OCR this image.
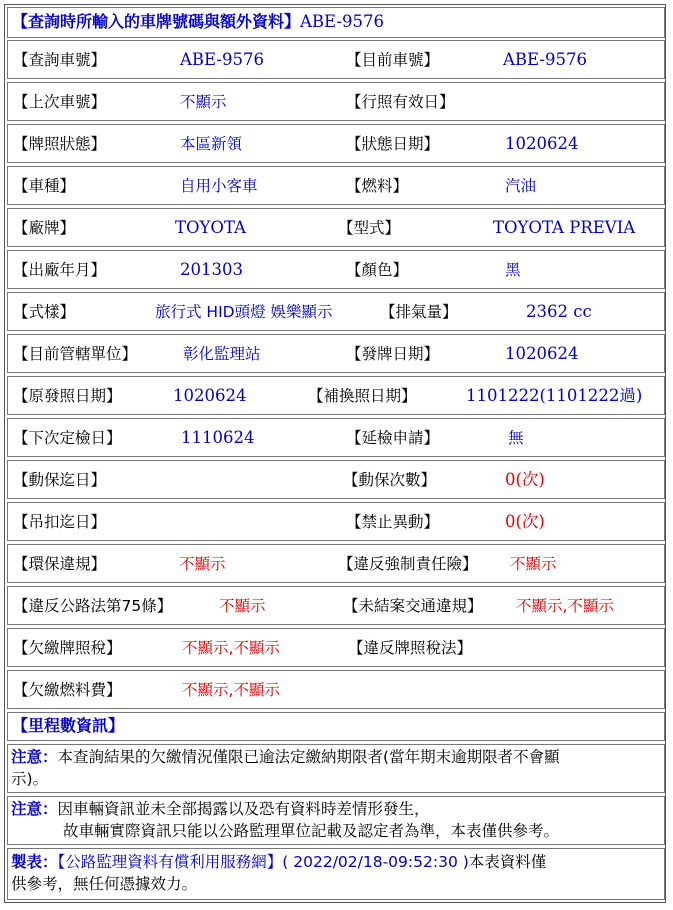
【查詢時所輸入的車牌號碼與額外資料】ABE-9576
【查詢車號】	ABE-9576	【目前車號】	ABE-9576
【上次車號】	不顯示	【行照有效日】
【牌照狀態】	本區新領	【狀態日期】	1020624
【車種】	自用小客車	【燃料】	汽油
【廠牌】	TOYOTA	【型式】	TOYOTA PREVIA
【出廠年月】	201303	【顏色】	黑
【式樣】	旅行式 HID頭燈 娛樂顯示	【排氣量】	2362 cc
【目前管轄單位】	彰化監理站	【發牌日期】	1020624
【原發照日期】	1020624	【補換照日期】	1101222(1101222過)
【下次定檢日】	1110624	【延檢申請】	無
【動保迄日】	【動保次數】	0(次)
【吊扣迄日】	【禁止異動】	0(次)
【環保違規】	不顯示	【違反強制責任險】 不顯示
【違反公路法第75條】	不顯示	【未結案交通違規】 不顯示,不顯示
【欠繳牌照稅】	不顯示,不顯示	【違反牌照稅法】
【欠繳燃料費】	不顯示,不顯示
【里程數資訊】
注意：本查詢結果的欠繳情況僅限已逾法定繳納期限者(當年期末逾期限者不會顯
示)。
注意：因車輛資訊並未全部揭露以及恐有資料時差情形發生，
故車輛實際資訊只能以公路監理單位記載及認定者為準，本表僅供參考。
製表：【公路監理資料有償利用服務網】( 2022/02/18-09:52:30 )本表資料僅
供參考，無任何憑據效力。
